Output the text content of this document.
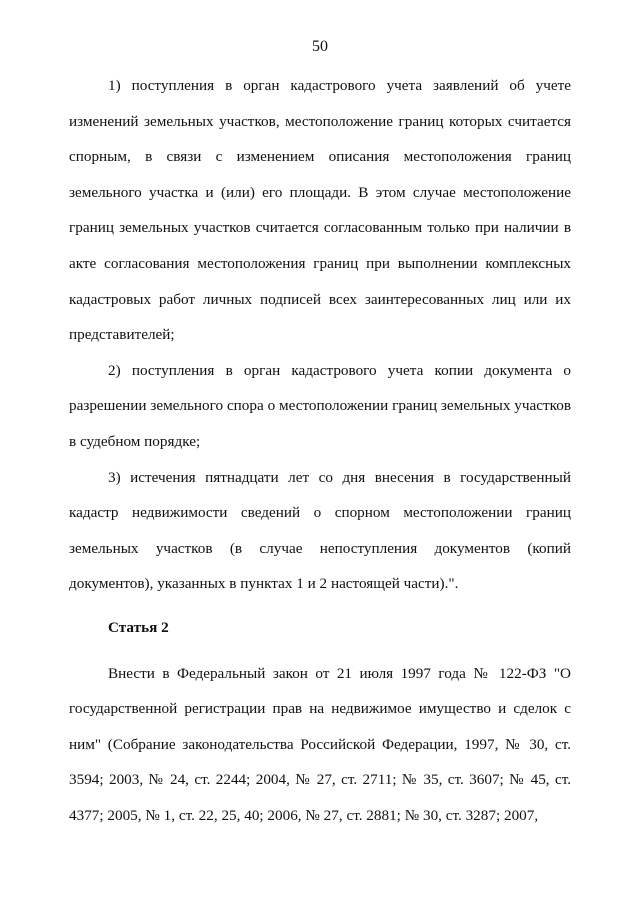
50

1) поступления в орган кадастрового учета заявлений об учете изменений земельных участков, местоположение границ которых считается спорным, в связи с изменением описания местоположения границ земельного участка и (или) его площади. В этом случае местоположение границ земельных участков считается согласованным только при наличии в акте согласования местоположения границ при выполнении комплексных кадастровых работ личных подписей всех заинтересованных лиц или их представителей;

2) поступления в орган кадастрового учета копии документа о разрешении земельного спора о местоположении границ земельных участков в судебном порядке;

3) истечения пятнадцати лет со дня внесения в государственный кадастр недвижимости сведений о спорном местоположении границ земельных участков (в случае непоступления документов (копий документов), указанных в пунктах 1 и 2 настоящей части).".

Статья 2

Внести в Федеральный закон от 21 июля 1997 года № 122-ФЗ "О государственной регистрации прав на недвижимое имущество и сделок с ним" (Собрание законодательства Российской Федерации, 1997, № 30, ст. 3594; 2003, № 24, ст. 2244; 2004, № 27, ст. 2711; № 35, ст. 3607; № 45, ст. 4377; 2005, № 1, ст. 22, 25, 40; 2006, № 27, ст. 2881; № 30, ст. 3287; 2007,
